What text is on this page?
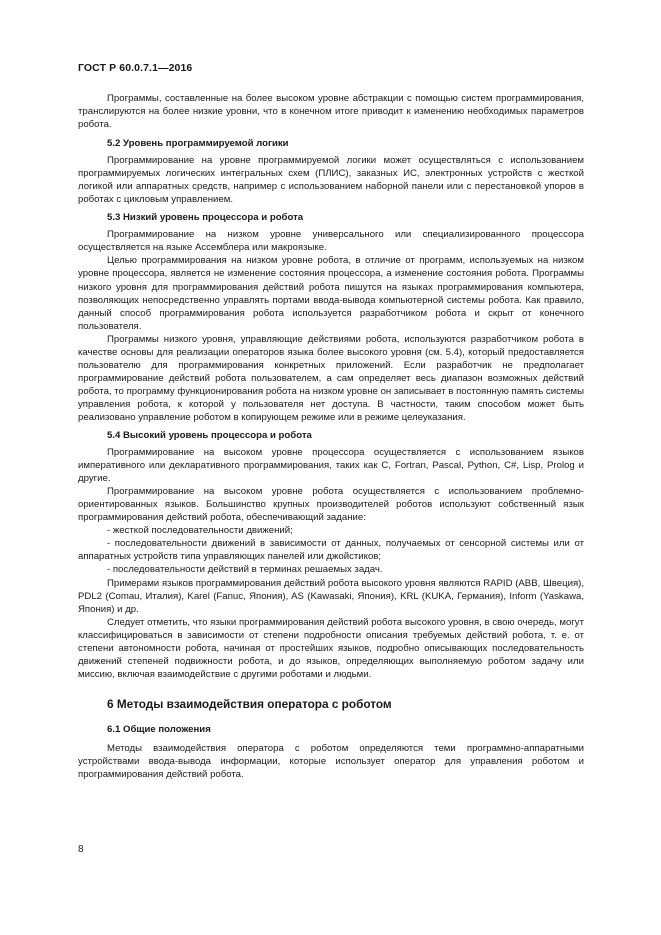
ГОСТ Р 60.0.7.1—2016

Программы, составленные на более высоком уровне абстракции с помощью систем программирования, транслируются на более низкие уровни, что в конечном итоге приводит к изменению необходимых параметров робота.

5.2 Уровень программируемой логики

Программирование на уровне программируемой логики может осуществляться с использованием программируемых логических интегральных схем (ПЛИС), заказных ИС, электронных устройств с жесткой логикой или аппаратных средств, например с использованием наборной панели или с перестановкой упоров в роботах с цикловым управлением.

5.3 Низкий уровень процессора и робота

Программирование на низком уровне универсального или специализированного процессора осуществляется на языке Ассемблера или макроязыке.

Целью программирования на низком уровне робота, в отличие от программ, используемых на низком уровне процессора, является не изменение состояния процессора, а изменение состояния робота. Программы низкого уровня для программирования действий робота пишутся на языках программирования компьютера, позволяющих непосредственно управлять портами ввода-вывода компьютерной системы робота. Как правило, данный способ программирования робота используется разработчиком робота и скрыт от конечного пользователя.

Программы низкого уровня, управляющие действиями робота, используются разработчиком робота в качестве основы для реализации операторов языка более высокого уровня (см. 5.4), который предоставляется пользователю для программирования конкретных приложений. Если разработчик не предполагает программирование действий робота пользователем, а сам определяет весь диапазон возможных действий робота, то программу функционирования робота на низком уровне он записывает в постоянную память системы управления робота, к которой у пользователя нет доступа. В частности, таким способом может быть реализовано управление роботом в копирующем режиме или в режиме целеуказания.

5.4 Высокий уровень процессора и робота

Программирование на высоком уровне процессора осуществляется с использованием языков императивного или декларативного программирования, таких как C, Fortran, Pascal, Python, C#, Lisp, Prolog и другие.

Программирование на высоком уровне робота осуществляется с использованием проблемно-ориентированных языков. Большинство крупных производителей роботов используют собственный язык программирования действий робота, обеспечивающий задание:

- жесткой последовательности движений;

- последовательности движений в зависимости от данных, получаемых от сенсорной системы или от аппаратных устройств типа управляющих панелей или джойстиков;

- последовательности действий в терминах решаемых задач.

Примерами языков программирования действий робота высокого уровня являются RAPID (ABB, Швеция), PDL2 (Comau, Италия), Karel (Fanuc, Япония), AS (Kawasaki, Япония), KRL (KUKA, Германия), Inform (Yaskawa, Япония) и др.

Следует отметить, что языки программирования действий робота высокого уровня, в свою очередь, могут классифицироваться в зависимости от степени подробности описания требуемых действий робота, т. е. от степени автономности робота, начиная от простейших языков, подробно описывающих последовательность движений степеней подвижности робота, и до языков, определяющих выполняемую роботом задачу или миссию, включая взаимодействие с другими роботами и людьми.

6 Методы взаимодействия оператора с роботом
6.1 Общие положения

Методы взаимодействия оператора с роботом определяются теми программно-аппаратными устройствами ввода-вывода информации, которые использует оператор для управления роботом и программирования действий робота.

8
